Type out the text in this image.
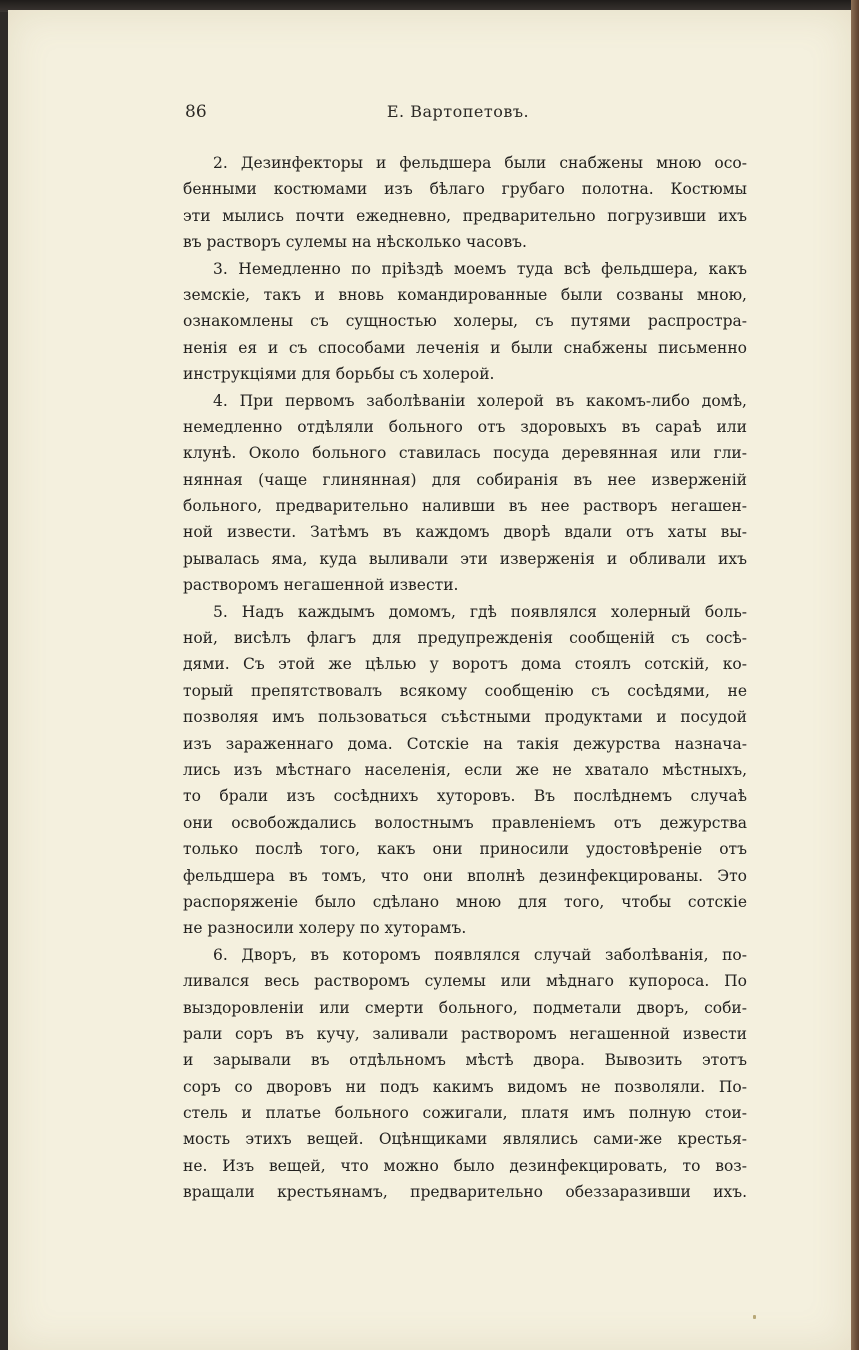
86	Е. Вартопетовъ.
2. Дезинфекторы и фельдшера были снабжены мною осо-
бенными костюмами изъ бѣлаго грубаго полотна. Костюмы
эти мылись почти ежедневно, предварительно погрузивши ихъ
въ растворъ сулемы на нѣсколько часовъ.
3. Немедленно по пріѣздѣ моемъ туда всѣ фельдшера, какъ
земскіе, такъ и вновь командированные были созваны мною,
ознакомлены съ сущностью холеры, съ путями распростра-
ненія ея и съ способами леченія и были снабжены письменно
инструкціями для борьбы съ холерой.
4. При первомъ заболѣваніи холерой въ какомъ-либо домѣ,
немедленно отдѣляли больного отъ здоровыхъ въ сараѣ или
клунѣ. Около больного ставилась посуда деревянная или гли-
нянная (чаще глинянная) для собиранія въ нее изверженій
больного, предварительно наливши въ нее растворъ негашен-
ной извести. Затѣмъ въ каждомъ дворѣ вдали отъ хаты вы-
рывалась яма, куда выливали эти изверженія и обливали ихъ
растворомъ негашенной извести.
5. Надъ каждымъ домомъ, гдѣ появлялся холерный боль-
ной, висѣлъ флагъ для предупрежденія сообщеній съ сосѣ-
дями. Съ этой же цѣлью у воротъ дома стоялъ сотскій, ко-
торый препятствовалъ всякому сообщенію съ сосѣдями, не
позволяя имъ пользоваться съѣстными продуктами и посудой
изъ зараженнаго дома. Сотскіе на такія дежурства назнача-
лись изъ мѣстнаго населенія, если же не хватало мѣстныхъ,
то брали изъ сосѣднихъ хуторовъ. Въ послѣднемъ случаѣ
они освобождались волостнымъ правленіемъ отъ дежурства
только послѣ того, какъ они приносили удостовѣреніе отъ
фельдшера въ томъ, что они вполнѣ дезинфекцированы. Это
распоряженіе было сдѣлано мною для того, чтобы сотскіе
не разносили холеру по хуторамъ.
6. Дворъ, въ которомъ появлялся случай заболѣванія, по-
ливался весь растворомъ сулемы или мѣднаго купороса. По
выздоровленіи или смерти больного, подметали дворъ, соби-
рали соръ въ кучу, заливали растворомъ негашенной извести
и зарывали въ отдѣльномъ мѣстѣ двора. Вывозить этотъ
соръ со дворовъ ни подъ какимъ видомъ не позволяли. По-
стель и платье больного сожигали, платя имъ полную стои-
мость этихъ вещей. Оцѣнщиками являлись сами-же крестья-
не. Изъ вещей, что можно было дезинфекцировать, то воз-
вращали крестьянамъ, предварительно обеззаразивши ихъ.
